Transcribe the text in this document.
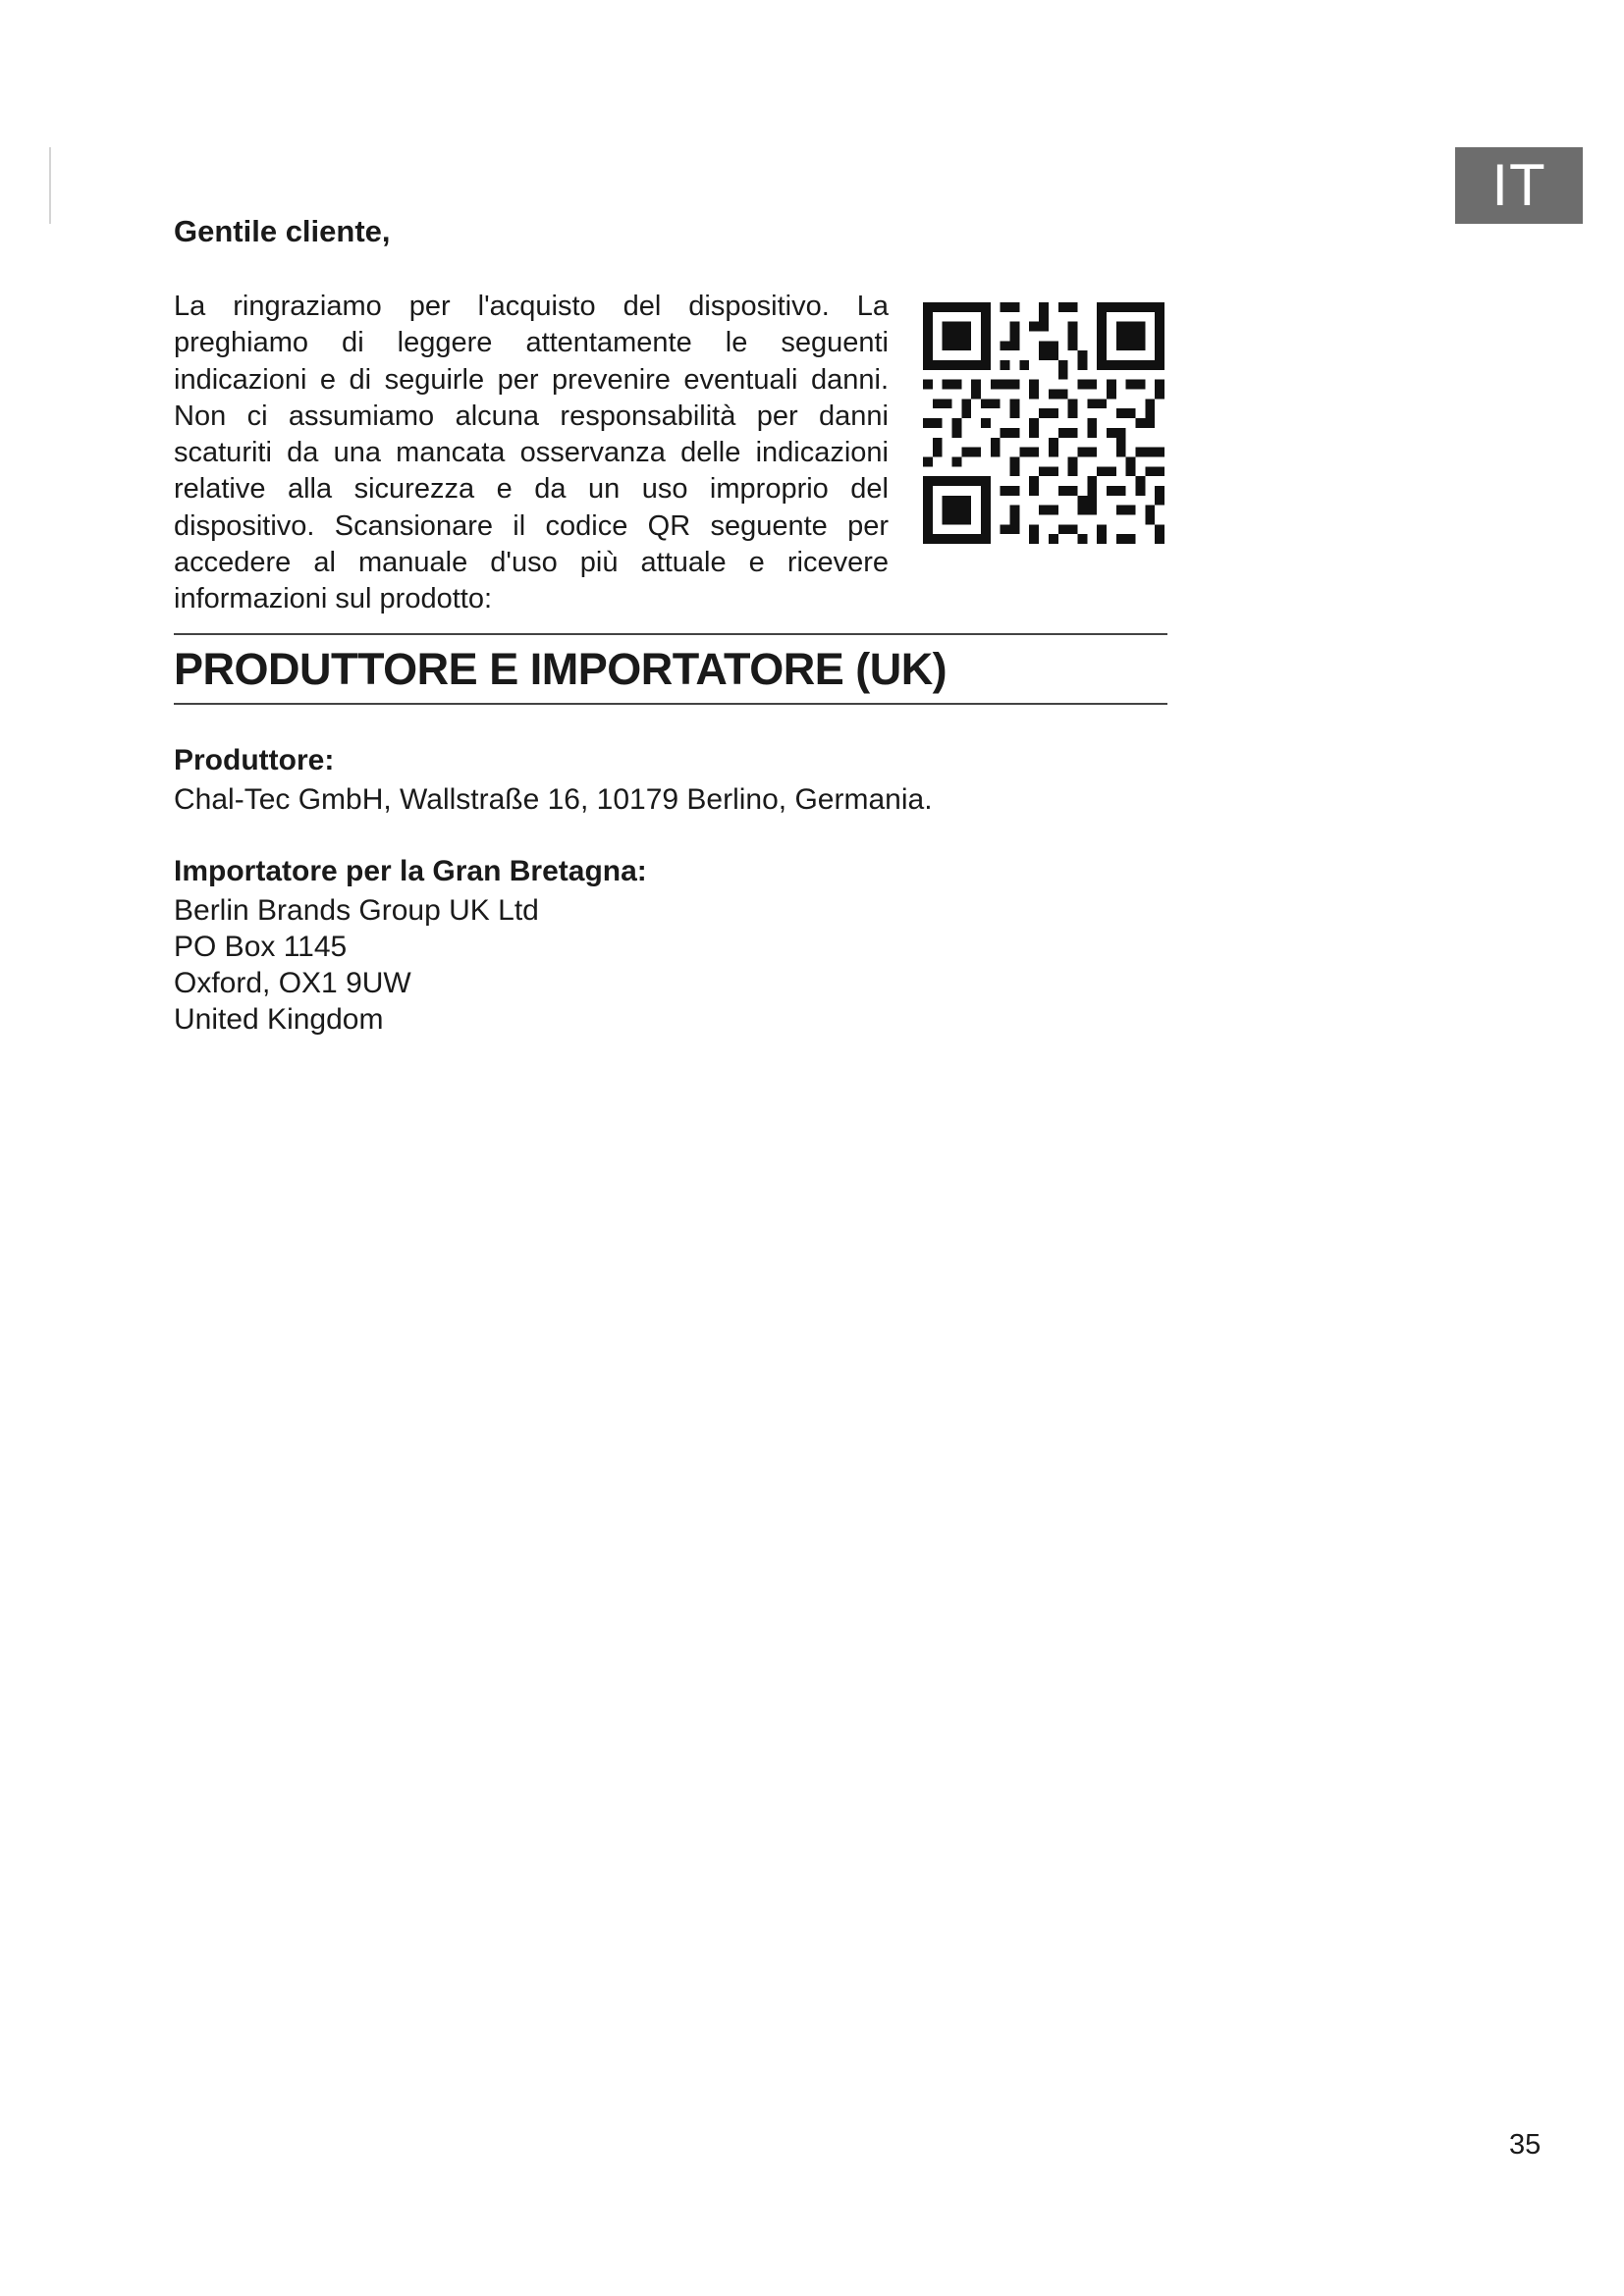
IT

Gentile cliente,

La ringraziamo per l'acquisto del dispositivo. La preghiamo di leggere attentamente le seguenti indicazioni e di seguirle per prevenire eventuali danni. Non ci assumiamo alcuna responsabilità per danni scaturiti da una mancata osservanza delle indicazioni relative alla sicurezza e da un uso improprio del dispositivo. Scansionare il codice QR seguente per accedere al manuale d'uso più attuale e ricevere informazioni sul prodotto:

PRODUTTORE E IMPORTATORE (UK)

Produttore:

Chal-Tec GmbH, Wallstraße 16, 10179 Berlino, Germania.

Importatore per la Gran Bretagna:

Berlin Brands Group UK Ltd

PO Box 1145

Oxford, OX1 9UW

United Kingdom

35
